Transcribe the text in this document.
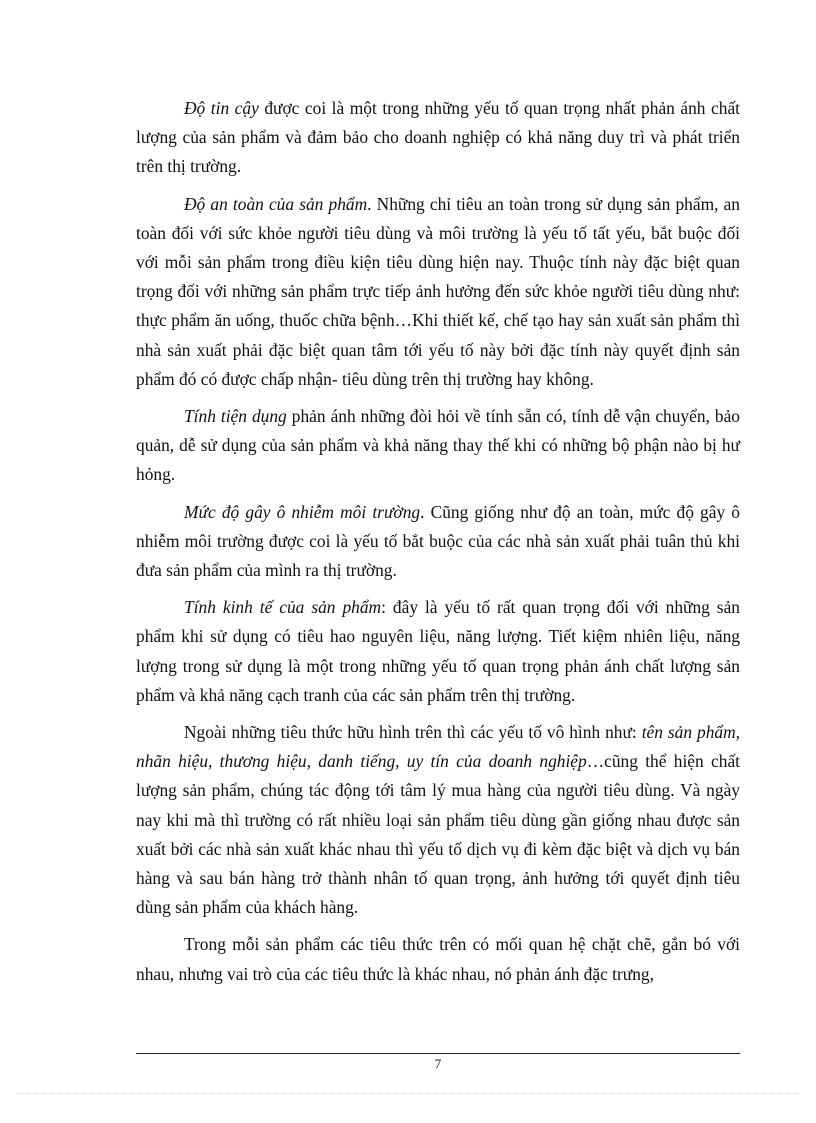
Độ tin cậy được coi là một trong những yếu tố quan trọng nhất phản ánh chất lượng của sản phẩm và đảm bảo cho doanh nghiệp có khả năng duy trì và phát triển trên thị trường.

Độ an toàn của sản phẩm. Những chỉ tiêu an toàn trong sử dụng sản phẩm, an toàn đối với sức khỏe người tiêu dùng và môi trường là yếu tố tất yếu, bắt buộc đối với mỗi sản phẩm trong điều kiện tiêu dùng hiện nay. Thuộc tính này đặc biệt quan trọng đối với những sản phẩm trực tiếp ảnh hưởng đến sức khỏe người tiêu dùng như: thực phẩm ăn uống, thuốc chữa bệnh…Khi thiết kế, chế tạo hay sản xuất sản phẩm thì nhà sản xuất phải đặc biệt quan tâm tới yếu tố này bởi đặc tính này quyết định sản phẩm đó có được chấp nhận- tiêu dùng trên thị trường hay không.

Tính tiện dụng phản ánh những đòi hỏi về tính sẵn có, tính dễ vận chuyển, bảo quản, dễ sử dụng của sản phẩm và khả năng thay thế khi có những bộ phận nào bị hư hỏng.

Mức độ gây ô nhiễm môi trường. Cũng giống như độ an toàn, mức độ gây ô nhiễm môi trường được coi là yếu tố bắt buộc của các nhà sản xuất phải tuân thủ khi đưa sản phẩm của mình ra thị trường.

Tính kinh tế của sản phẩm: đây là yếu tố rất quan trọng đối với những sản phẩm khi sử dụng có tiêu hao nguyên liệu, năng lượng. Tiết kiệm nhiên liệu, năng lượng trong sử dụng là một trong những yếu tố quan trọng phản ánh chất lượng sản phẩm và khả năng cạch tranh của các sản phẩm trên thị trường.

Ngoài những tiêu thức hữu hình trên thì các yếu tố vô hình như: tên sản phẩm, nhãn hiệu, thương hiệu, danh tiếng, uy tín của doanh nghiệp…cũng thể hiện chất lượng sản phẩm, chúng tác động tới tâm lý mua hàng của người tiêu dùng. Và ngày nay khi mà thì trường có rất nhiều loại sản phẩm tiêu dùng gần giống nhau được sản xuất bởi các nhà sản xuất khác nhau thì yếu tố dịch vụ đi kèm đặc biệt và dịch vụ bán hàng và sau bán hàng trở thành nhân tố quan trọng, ảnh hưởng tới quyết định tiêu dùng sản phẩm của khách hàng.

Trong mỗi sản phẩm các tiêu thức trên có mối quan hệ chặt chẽ, gắn bó với nhau, nhưng vai trò của các tiêu thức là khác nhau, nó phản ánh đặc trưng,

7
